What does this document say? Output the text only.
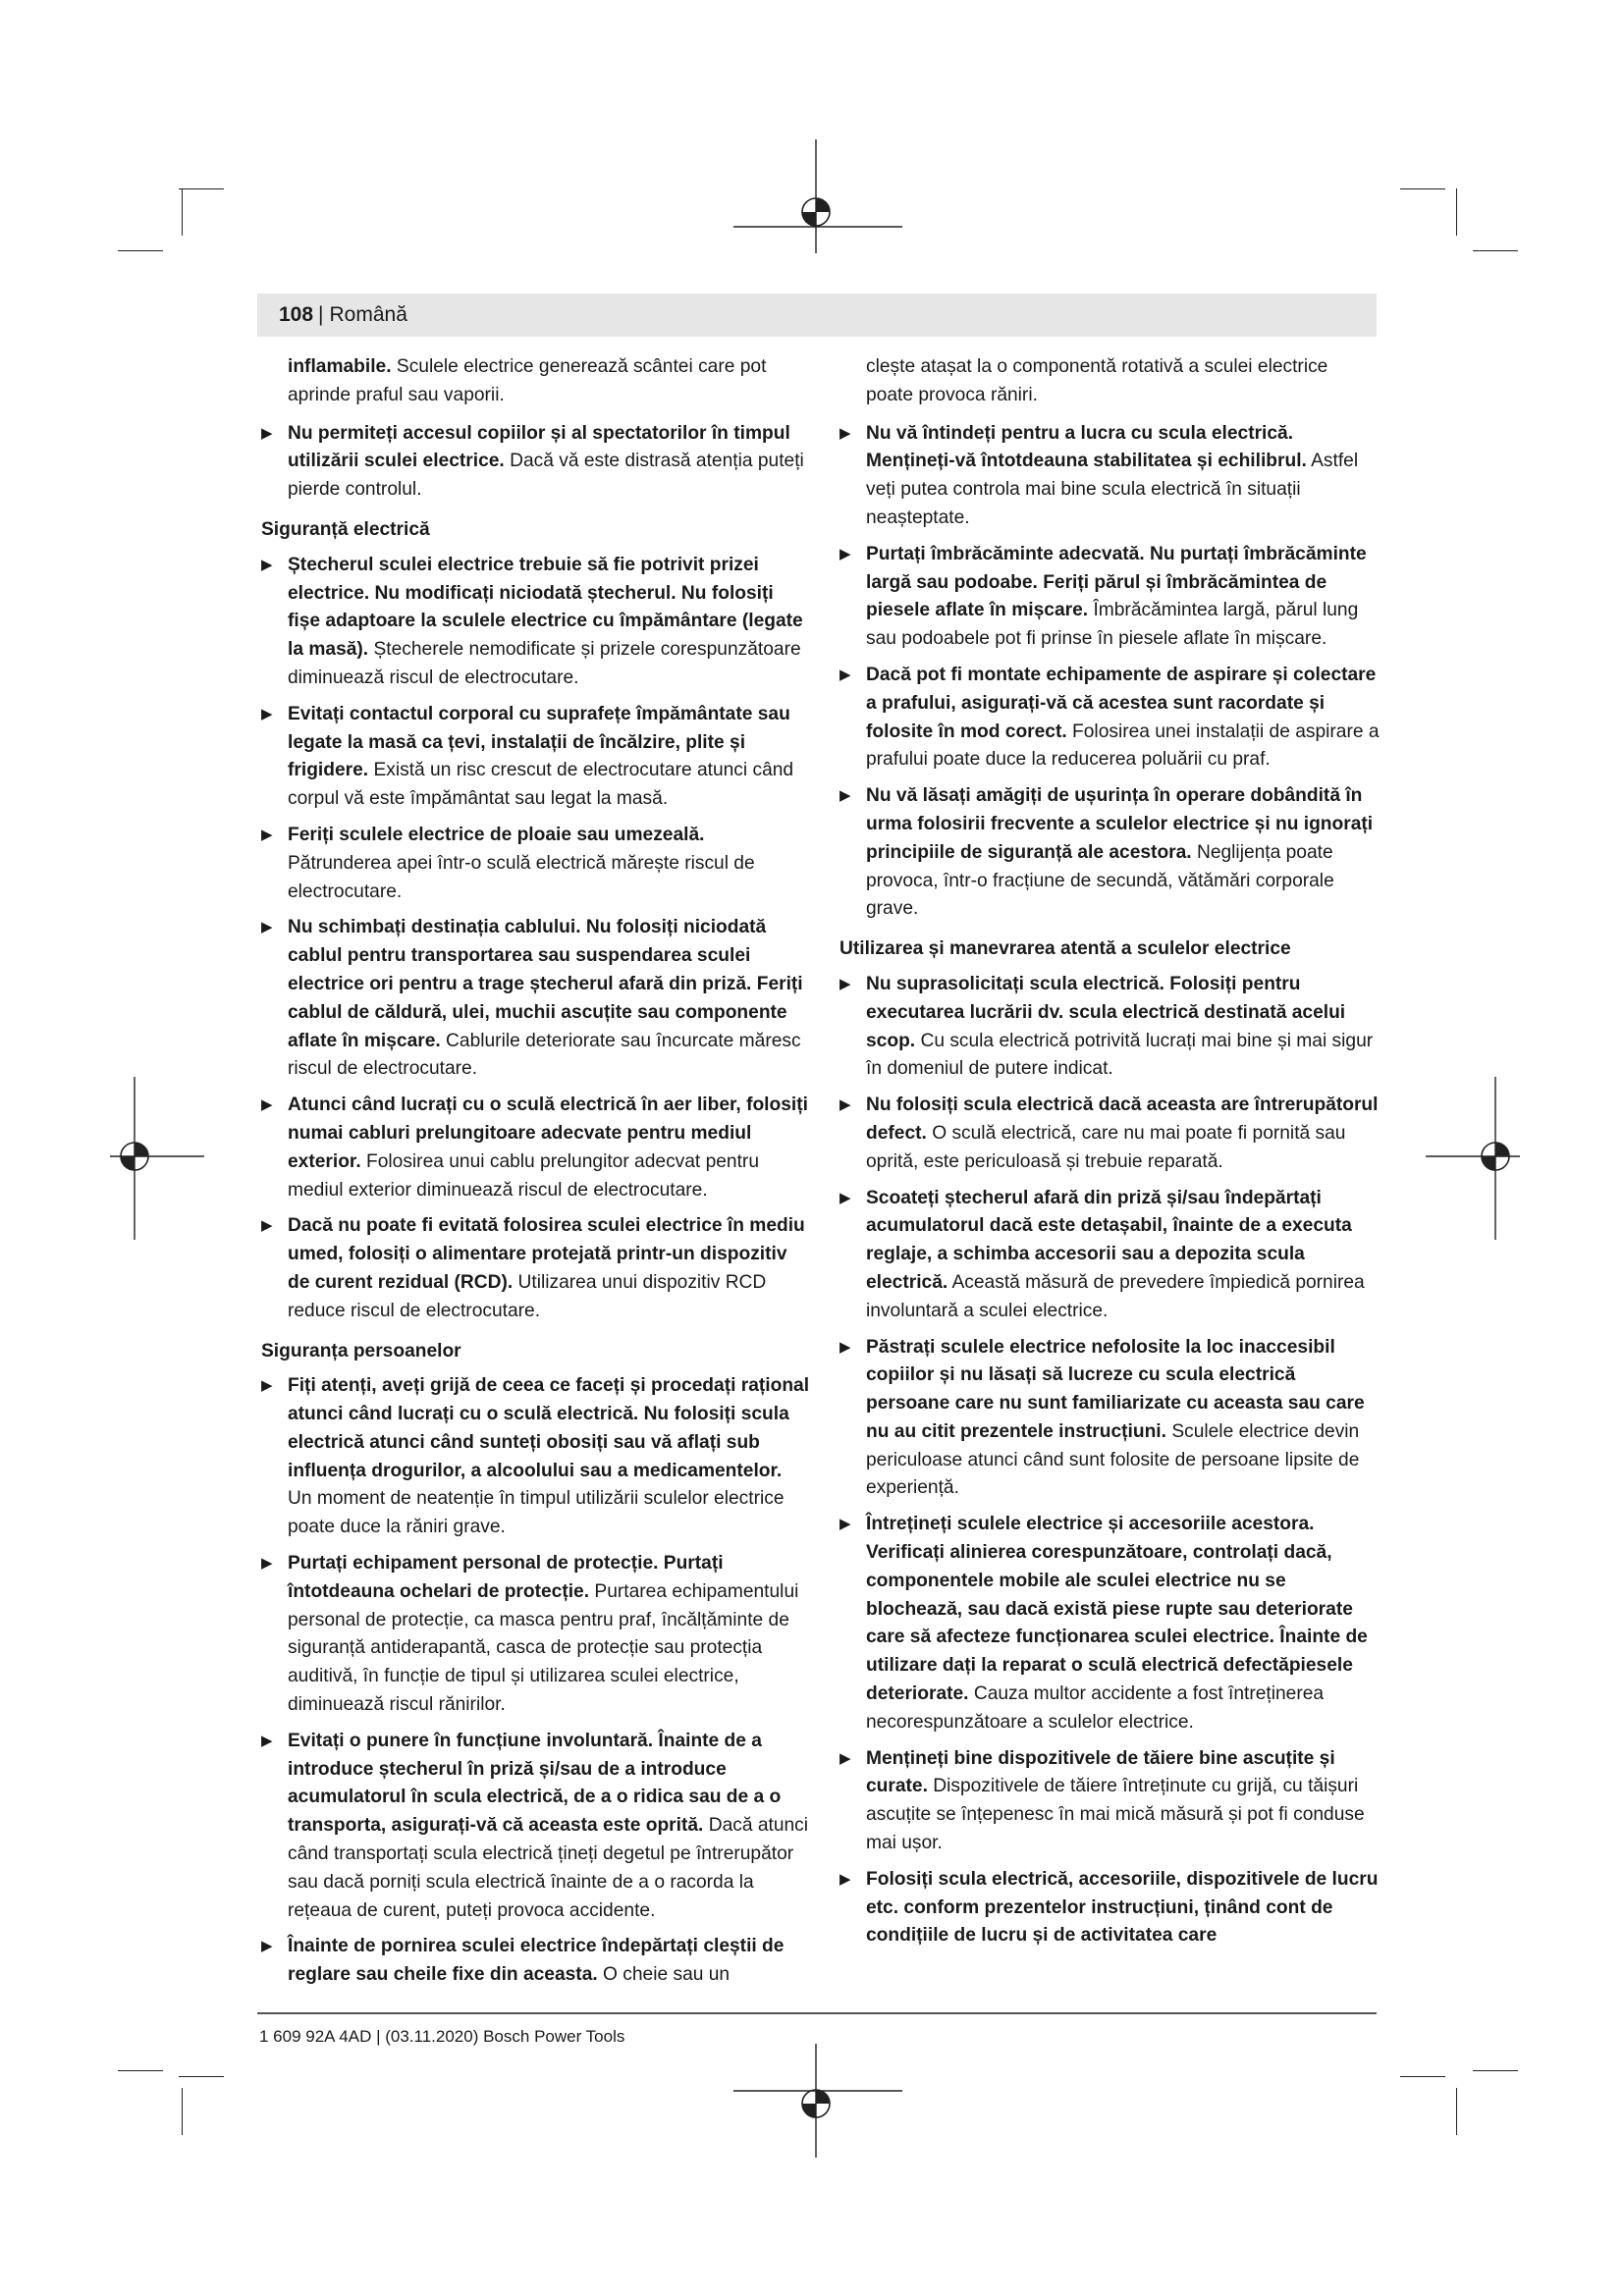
108 | Română

inflamabile. Sculele electrice generează scântei care pot aprinde praful sau vaporii.

▶ Nu permiteți accesul copiilor și al spectatorilor în timpul utilizării sculei electrice. Dacă vă este distrasă atenția puteți pierde controlul.
Siguranță electrică
▶ Ștecherul sculei electrice trebuie să fie potrivit prizei electrice. Nu modificați niciodată ștecherul. Nu folosiți fișe adaptoare la sculele electrice cu împământare (legate la masă). Ștecherele nemodificate și prizele corespunzătoare diminuează riscul de electrocutare.
▶ Evitați contactul corporal cu suprafețe împământate sau legate la masă ca țevi, instalații de încălzire, plite și frigidere. Există un risc crescut de electrocutare atunci când corpul vă este împământat sau legat la masă.
▶ Feriți sculele electrice de ploaie sau umezeală. Pătrunderea apei într-o sculă electrică mărește riscul de electrocutare.
▶ Nu schimbați destinația cablului. Nu folosiți niciodată cablul pentru transportarea sau suspendarea sculei electrice ori pentru a trage ștecherul afară din priză. Feriți cablul de căldură, ulei, muchii ascuțite sau componente aflate în mișcare. Cablurile deteriorate sau încurcate măresc riscul de electrocutare.
▶ Atunci când lucrați cu o sculă electrică în aer liber, folosiți numai cabluri prelungitoare adecvate pentru mediul exterior. Folosirea unui cablu prelungitor adecvat pentru mediul exterior diminuează riscul de electrocutare.
▶ Dacă nu poate fi evitată folosirea sculei electrice în mediu umed, folosiți o alimentare protejată printr-un dispozitiv de curent rezidual (RCD). Utilizarea unui dispozitiv RCD reduce riscul de electrocutare.
Siguranța persoanelor
▶ Fiți atenți, aveți grijă de ceea ce faceți și procedați rațional atunci când lucrați cu o sculă electrică. Nu folosiți scula electrică atunci când sunteți obosiți sau vă aflați sub influența drogurilor, a alcoolului sau a medicamentelor. Un moment de neatenție în timpul utilizării sculelor electrice poate duce la răniri grave.
▶ Purtați echipament personal de protecție. Purtați întotdeauna ochelari de protecție. Purtarea echipamentului personal de protecție, ca masca pentru praf, încălțăminte de siguranță antiderapantă, casca de protecție sau protecția auditivă, în funcție de tipul și utilizarea sculei electrice, diminuează riscul rănirilor.
▶ Evitați o punere în funcțiune involuntară. Înainte de a introduce ștecherul în priză și/sau de a introduce acumulatorul în scula electrică, de a o ridica sau de a o transporta, asigurați-vă că aceasta este oprită. Dacă atunci când transportați scula electrică țineți degetul pe întrerupător sau dacă porniți scula electrică înainte de a o racorda la rețeaua de curent, puteți provoca accidente.
▶ Înainte de pornirea sculei electrice îndepărtați cleștii de reglare sau cheile fixe din aceasta. O cheie sau un

clește atașat la o componentă rotativă a sculei electrice poate provoca răniri.

▶ Nu vă întindeți pentru a lucra cu scula electrică. Mențineți-vă întotdeauna stabilitatea și echilibrul. Astfel veți putea controla mai bine scula electrică în situații neașteptate.
▶ Purtați îmbrăcăminte adecvată. Nu purtați îmbrăcăminte largă sau podoabe. Feriți părul și îmbrăcămintea de piesele aflate în mișcare. Îmbrăcămintea largă, părul lung sau podoabele pot fi prinse în piesele aflate în mișcare.
▶ Dacă pot fi montate echipamente de aspirare și colectare a prafului, asigurați-vă că acestea sunt racordate și folosite în mod corect. Folosirea unei instalații de aspirare a prafului poate duce la reducerea poluării cu praf.
▶ Nu vă lăsați amăgiți de ușurința în operare dobândită în urma folosirii frecvente a sculelor electrice și nu ignorați principiile de siguranță ale acestora. Neglijența poate provoca, într-o fracțiune de secundă, vătămări corporale grave.
Utilizarea și manevrarea atentă a sculelor electrice
▶ Nu suprasolicitați scula electrică. Folosiți pentru executarea lucrării dv. scula electrică destinată acelui scop. Cu scula electrică potrivită lucrați mai bine și mai sigur în domeniul de putere indicat.
▶ Nu folosiți scula electrică dacă aceasta are întrerupătorul defect. O sculă electrică, care nu mai poate fi pornită sau oprită, este periculoasă și trebuie reparată.
▶ Scoateți ștecherul afară din priză și/sau îndepărtați acumulatorul dacă este detașabil, înainte de a executa reglaje, a schimba accesorii sau a depozita scula electrică. Această măsură de prevedere împiedică pornirea involuntară a sculei electrice.
▶ Păstrați sculele electrice nefolosite la loc inaccesibil copiilor și nu lăsați să lucreze cu scula electrică persoane care nu sunt familiarizate cu aceasta sau care nu au citit prezentele instrucțiuni. Sculele electrice devin periculoase atunci când sunt folosite de persoane lipsite de experiență.
▶ Întrețineți sculele electrice și accesoriile acestora. Verificați alinierea corespunzătoare, controlați dacă, componentele mobile ale sculei electrice nu se blochează, sau dacă există piese rupte sau deteriorate care să afecteze funcționarea sculei electrice. Înainte de utilizare dați la reparat o sculă electrică defectăpiesele deteriorate. Cauza multor accidente a fost întreținerea necorespunzătoare a sculelor electrice.
▶ Mențineți bine dispozitivele de tăiere bine ascuțite și curate. Dispozitivele de tăiere întreținute cu grijă, cu tăișuri ascuțite se înțepenesc în mai mică măsură și pot fi conduse mai ușor.
▶ Folosiți scula electrică, accesoriile, dispozitivele de lucru etc. conform prezentelor instrucțiuni, ținând cont de condițiile de lucru și de activitatea care
1 609 92A 4AD | (03.11.2020) Bosch Power Tools
